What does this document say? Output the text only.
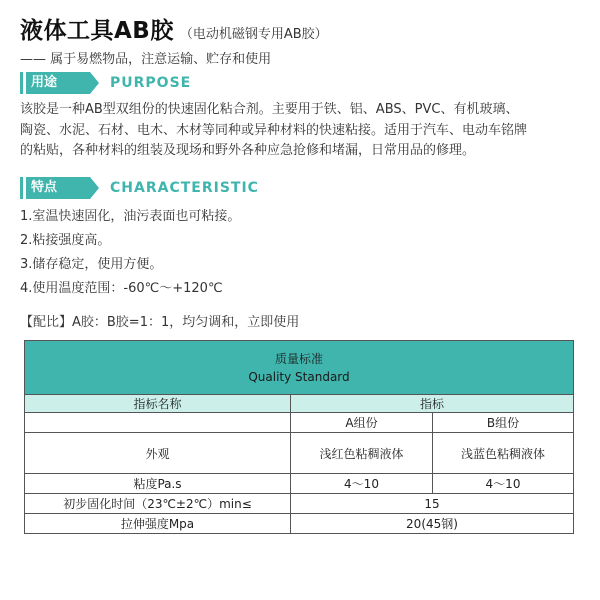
液体工具AB胶 （电动机磁钢专用AB胶）
—— 属于易燃物品，注意运输、贮存和使用
用途	PURPOSE

该胶是一种AB型双组份的快速固化粘合剂。主要用于铁、铝、ABS、PVC、有机玻璃、

陶瓷、水泥、石材、电木、木材等同种或异种材料的快速粘接。适用于汽车、电动车铭牌

的粘贴，各种材料的组装及现场和野外各种应急抢修和堵漏，日常用品的修理。

特点	CHARACTERISTIC
1.室温快速固化，油污表面也可粘接。
2.粘接强度高。
3.储存稳定，使用方便。
4.使用温度范围：-60℃～+120℃
【配比】A胶：B胶=1：1，均匀调和，立即使用
质量标准
Quality Standard		

指标名称	指标	
	A组份	B组份
外观	浅红色粘稠液体	浅蓝色粘稠液体
粘度Pa.s	4～10	4～10
初步固化时间（23℃±2℃）min≤	15	
拉伸强度Mpa	20(45钢)	
